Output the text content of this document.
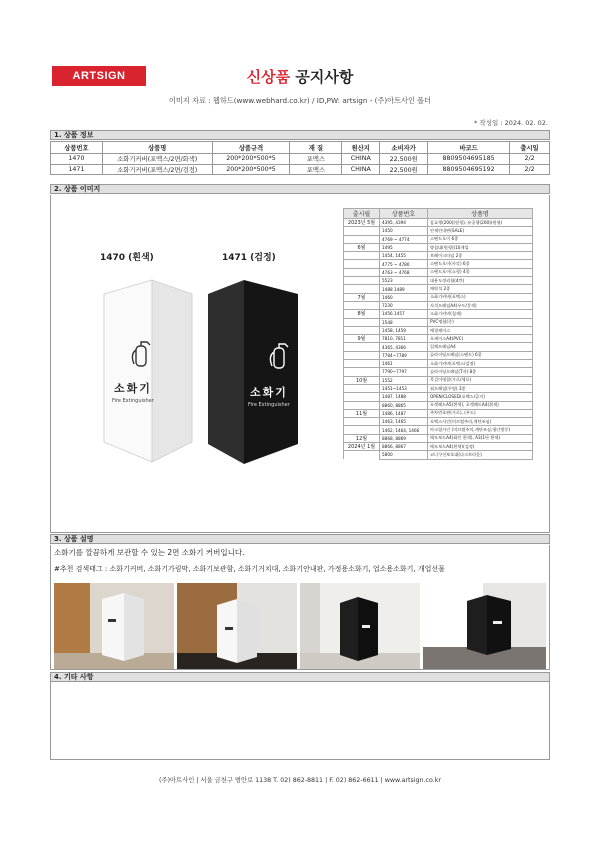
ARTSIGN	신상품 공지사항
이미지 자료 : 웹하드(www.webhard.co.kr) / ID,PW: artsign - (주)아트사인 폴더
* 작성일 : 2024. 02. 02.
1. 상품 정보
상품번호	상품명	상품규격	재 질	원산지	소비자가	바코드	출시일
1470	소화기커버(포맥스/2면/화색)	200*200*500*5	포맥스	CHINA	22,500원	8809504695185	2/2
1471	소화기커버(포맥스/2면/검정)	200*200*500*5	포맥스	CHINA	22,500원	8809504695192	2/2
2. 상품 이미지
1470 (흰색)	1471 (검정)
소화기
Fire Extinguisher
소화기
Fire Extinguisher
출시월	상품번호	상품명
2023년 5월	4395, 4394	음료행(200)(원형), 유공행(200)(원형)
	1450	안제안내판(SALE)
	4769 ~ 4774	스탠드포이 6종
6월	1495	방칠대(원형)(10개입
	1454, 1455	브레이크타임 2종
	4775 ~ 4780	스탠드포이(사각) 6종
	4763 ~ 4768	스탠드포이(소형) 4종
	5523	대용도정리함(4칸)
	1488 1489	매약석 2종
7월	1460	소화기커버(포맥스)
	7230	자석프레임A4(우드/갈색)
8월	1456 1457	소화기커버(철재)
	1548	PVC명함(중)
	1458, 1459	예경케이스
9월	7810, 7811	포케이스A4(PVC)
	4365, 4366	입체프레임A4
	7784~7789	슬라이딩프레임(스탠드) 6종
	1461	소화기커버(포맥스/검정)
	7790~7797	슬라이딩프레임(T자) 8종
10월	1552	목걸이명찰(가로/세로)
	1451~1453	월프레임(투명) 3종
	1487, 1488	OPEN/CLOSED(포맥스/골지)
	8860, 8865	포켓패드A5(흰색), 포켓패드A4(흰색)
11월	1486, 1487	주차번호판(가로), (우드)
	1463, 1465	포맥스사인(미끄럼주의,계단조심)
	1462, 1464, 1466	아크릴사인 (미끄럼주의,계단조심,냉난방중)
12월	8868, 8869	메모보드A4(화인 흰색), A3(1단 흰색)
2024년 1월	8866, 8867	메모보드A4(흰색)(검정)
	5800	코너쿠션보호대(다크브라운)
3. 상품 설명
소화기를 깔끔하게 보관할 수 있는 2면 소화기 커버입니다.
#추천 검색태그 : 소화기커버, 소화기가림막, 소화기보관함, 소화기거치대, 소화기안내판, 가정용소화기, 업소용소화기, 개업선물
4. 기타 사항
(주)아트사인 | 서울 금천구 범안로 1138 T. 02) 862-8811 | F. 02) 862-6611 | www.artsign.co.kr
